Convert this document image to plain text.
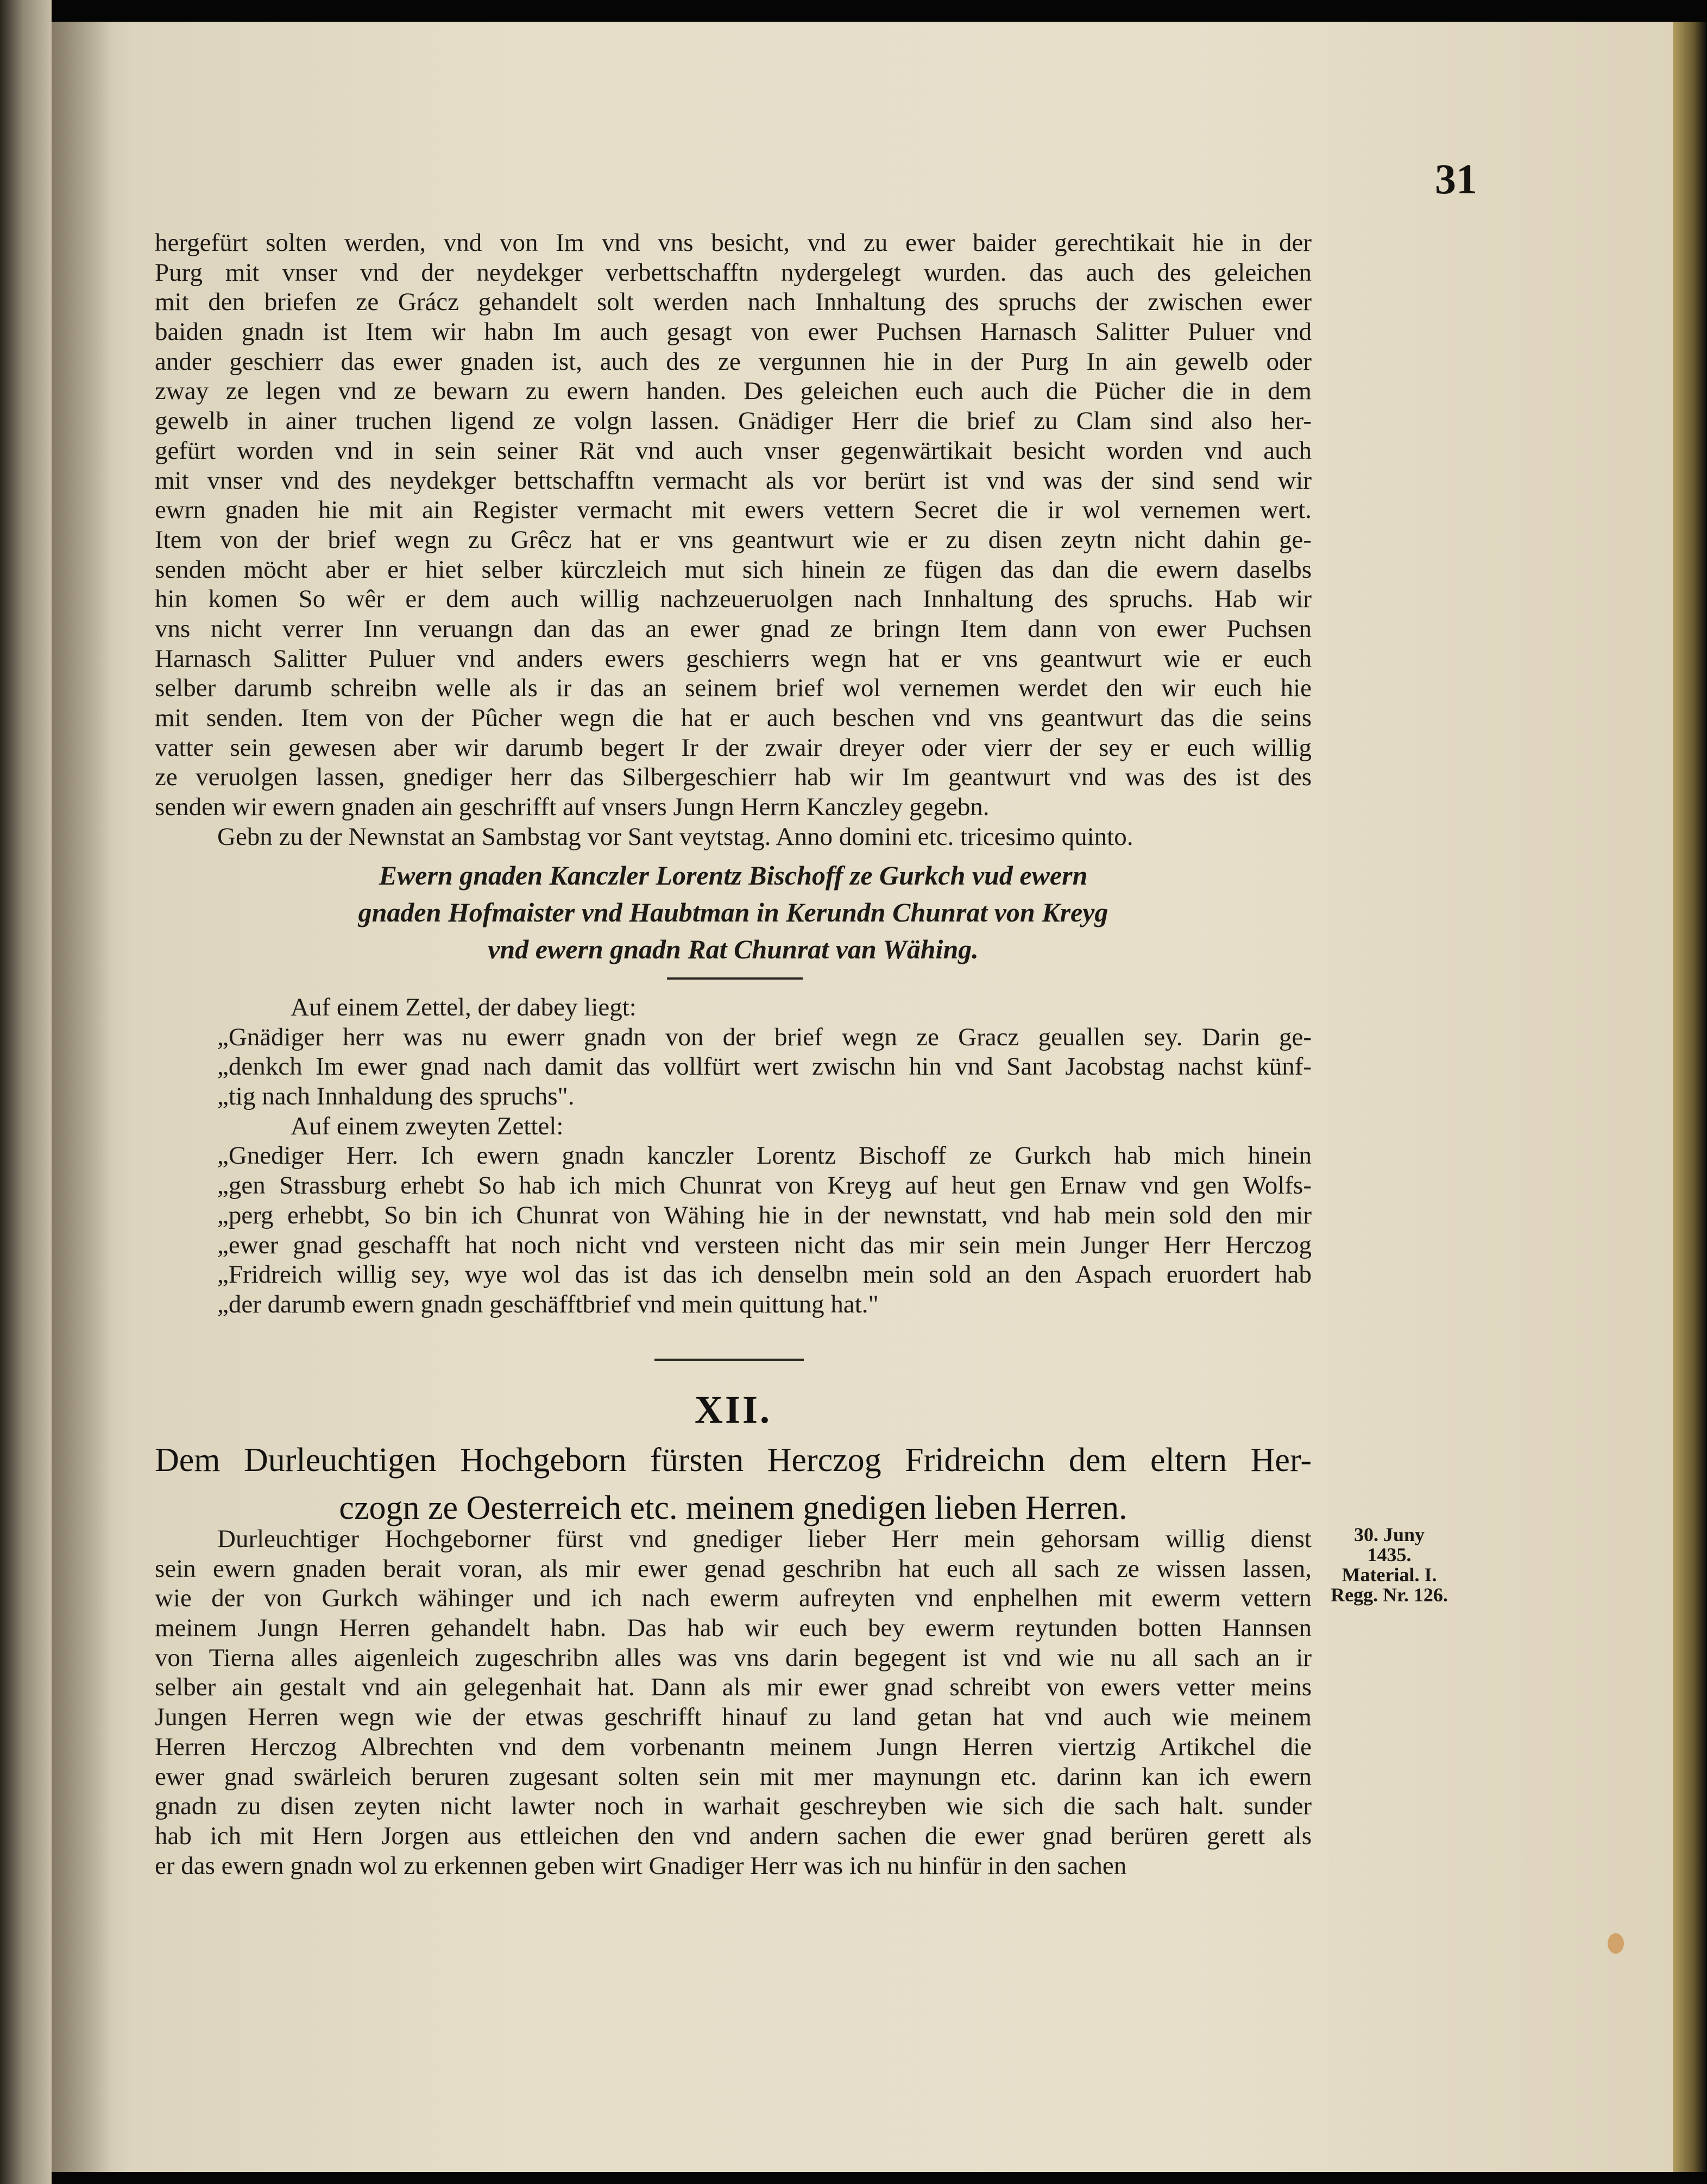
31
hergefürt solten werden, vnd von Im vnd vns besicht, vnd zu ewer baider gerechtikait hie in der
Purg mit vnser vnd der neydekger verbettschafftn nydergelegt wurden. das auch des geleichen
mit den briefen ze Grácz gehandelt solt werden nach Innhaltung des spruchs der zwischen ewer
baiden gnadn ist Item wir habn Im auch gesagt von ewer Puchsen Harnasch Salitter Puluer vnd
ander geschierr das ewer gnaden ist, auch des ze vergunnen hie in der Purg In ain gewelb oder
zway ze legen vnd ze bewarn zu ewern handen. Des geleichen euch auch die Pücher die in dem
gewelb in ainer truchen ligend ze volgn lassen. Gnädiger Herr die brief zu Clam sind also her-
gefürt worden vnd in sein seiner Rät vnd auch vnser gegenwärtikait besicht worden vnd auch
mit vnser vnd des neydekger bettschafftn vermacht als vor berürt ist vnd was der sind send wir
ewrn gnaden hie mit ain Register vermacht mit ewers vettern Secret die ir wol vernemen wert.
Item von der brief wegn zu Grêcz hat er vns geantwurt wie er zu disen zeytn nicht dahin ge-
senden möcht aber er hiet selber kürczleich mut sich hinein ze fügen das dan die ewern daselbs
hin komen So wêr er dem auch willig nachzeueruolgen nach Innhaltung des spruchs. Hab wir
vns nicht verrer Inn veruangn dan das an ewer gnad ze bringn Item dann von ewer Puchsen
Harnasch Salitter Puluer vnd anders ewers geschierrs wegn hat er vns geantwurt wie er euch
selber darumb schreibn welle als ir das an seinem brief wol vernemen werdet den wir euch hie
mit senden. Item von der Pûcher wegn die hat er auch beschen vnd vns geantwurt das die seins
vatter sein gewesen aber wir darumb begert Ir der zwair dreyer oder vierr der sey er euch willig
ze veruolgen lassen, gnediger herr das Silbergeschierr hab wir Im geantwurt vnd was des ist des
senden wir ewern gnaden ain geschrifft auf vnsers Jungn Herrn Kanczley gegebn.
Gebn zu der Newnstat an Sambstag vor Sant veytstag. Anno domini etc. tricesimo quinto.
Ewern gnaden Kanczler Lorentz Bischoff ze Gurkch vud ewern
gnaden Hofmaister vnd Haubtman in Kerundn Chunrat von Kreyg
vnd ewern gnadn Rat Chunrat van Wähing.
Auf einem Zettel, der dabey liegt:
„Gnädiger herr was nu ewerr gnadn von der brief wegn ze Gracz geuallen sey. Darin ge-
„denkch Im ewer gnad nach damit das vollfürt wert zwischn hin vnd Sant Jacobstag nachst künf-
„tig nach Innhaldung des spruchs".
Auf einem zweyten Zettel:
„Gnediger Herr. Ich ewern gnadn kanczler Lorentz Bischoff ze Gurkch hab mich hinein
„gen Strassburg erhebt So hab ich mich Chunrat von Kreyg auf heut gen Ernaw vnd gen Wolfs-
„perg erhebbt, So bin ich Chunrat von Wähing hie in der newnstatt, vnd hab mein sold den mir
„ewer gnad geschafft hat noch nicht vnd versteen nicht das mir sein mein Junger Herr Herczog
„Fridreich willig sey, wye wol das ist das ich denselbn mein sold an den Aspach eruordert hab
„der darumb ewern gnadn geschäfftbrief vnd mein quittung hat."
XII.
Dem Durleuchtigen Hochgeborn fürsten Herczog Fridreichn dem eltern Her-
czogn ze Oesterreich etc. meinem gnedigen lieben Herren.
Durleuchtiger Hochgeborner fürst vnd gnediger lieber Herr mein gehorsam willig dienst
sein ewern gnaden berait voran, als mir ewer genad geschribn hat euch all sach ze wissen lassen,
wie der von Gurkch wähinger und ich nach ewerm aufreyten vnd enphelhen mit ewerm vettern
meinem Jungn Herren gehandelt habn. Das hab wir euch bey ewerm reytunden botten Hannsen
von Tierna alles aigenleich zugeschribn alles was vns darin begegent ist vnd wie nu all sach an ir
selber ain gestalt vnd ain gelegenhait hat. Dann als mir ewer gnad schreibt von ewers vetter meins
Jungen Herren wegn wie der etwas geschrifft hinauf zu land getan hat vnd auch wie meinem
Herren Herczog Albrechten vnd dem vorbenantn meinem Jungn Herren viertzig Artikchel die
ewer gnad swärleich beruren zugesant solten sein mit mer maynungn etc. darinn kan ich ewern
gnadn zu disen zeyten nicht lawter noch in warhait geschreyben wie sich die sach halt. sunder
hab ich mit Hern Jorgen aus ettleichen den vnd andern sachen die ewer gnad berüren gerett als
er das ewern gnadn wol zu erkennen geben wirt Gnadiger Herr was ich nu hinfür in den sachen
30. Juny
1435.
Material. I.
Regg. Nr. 126.
